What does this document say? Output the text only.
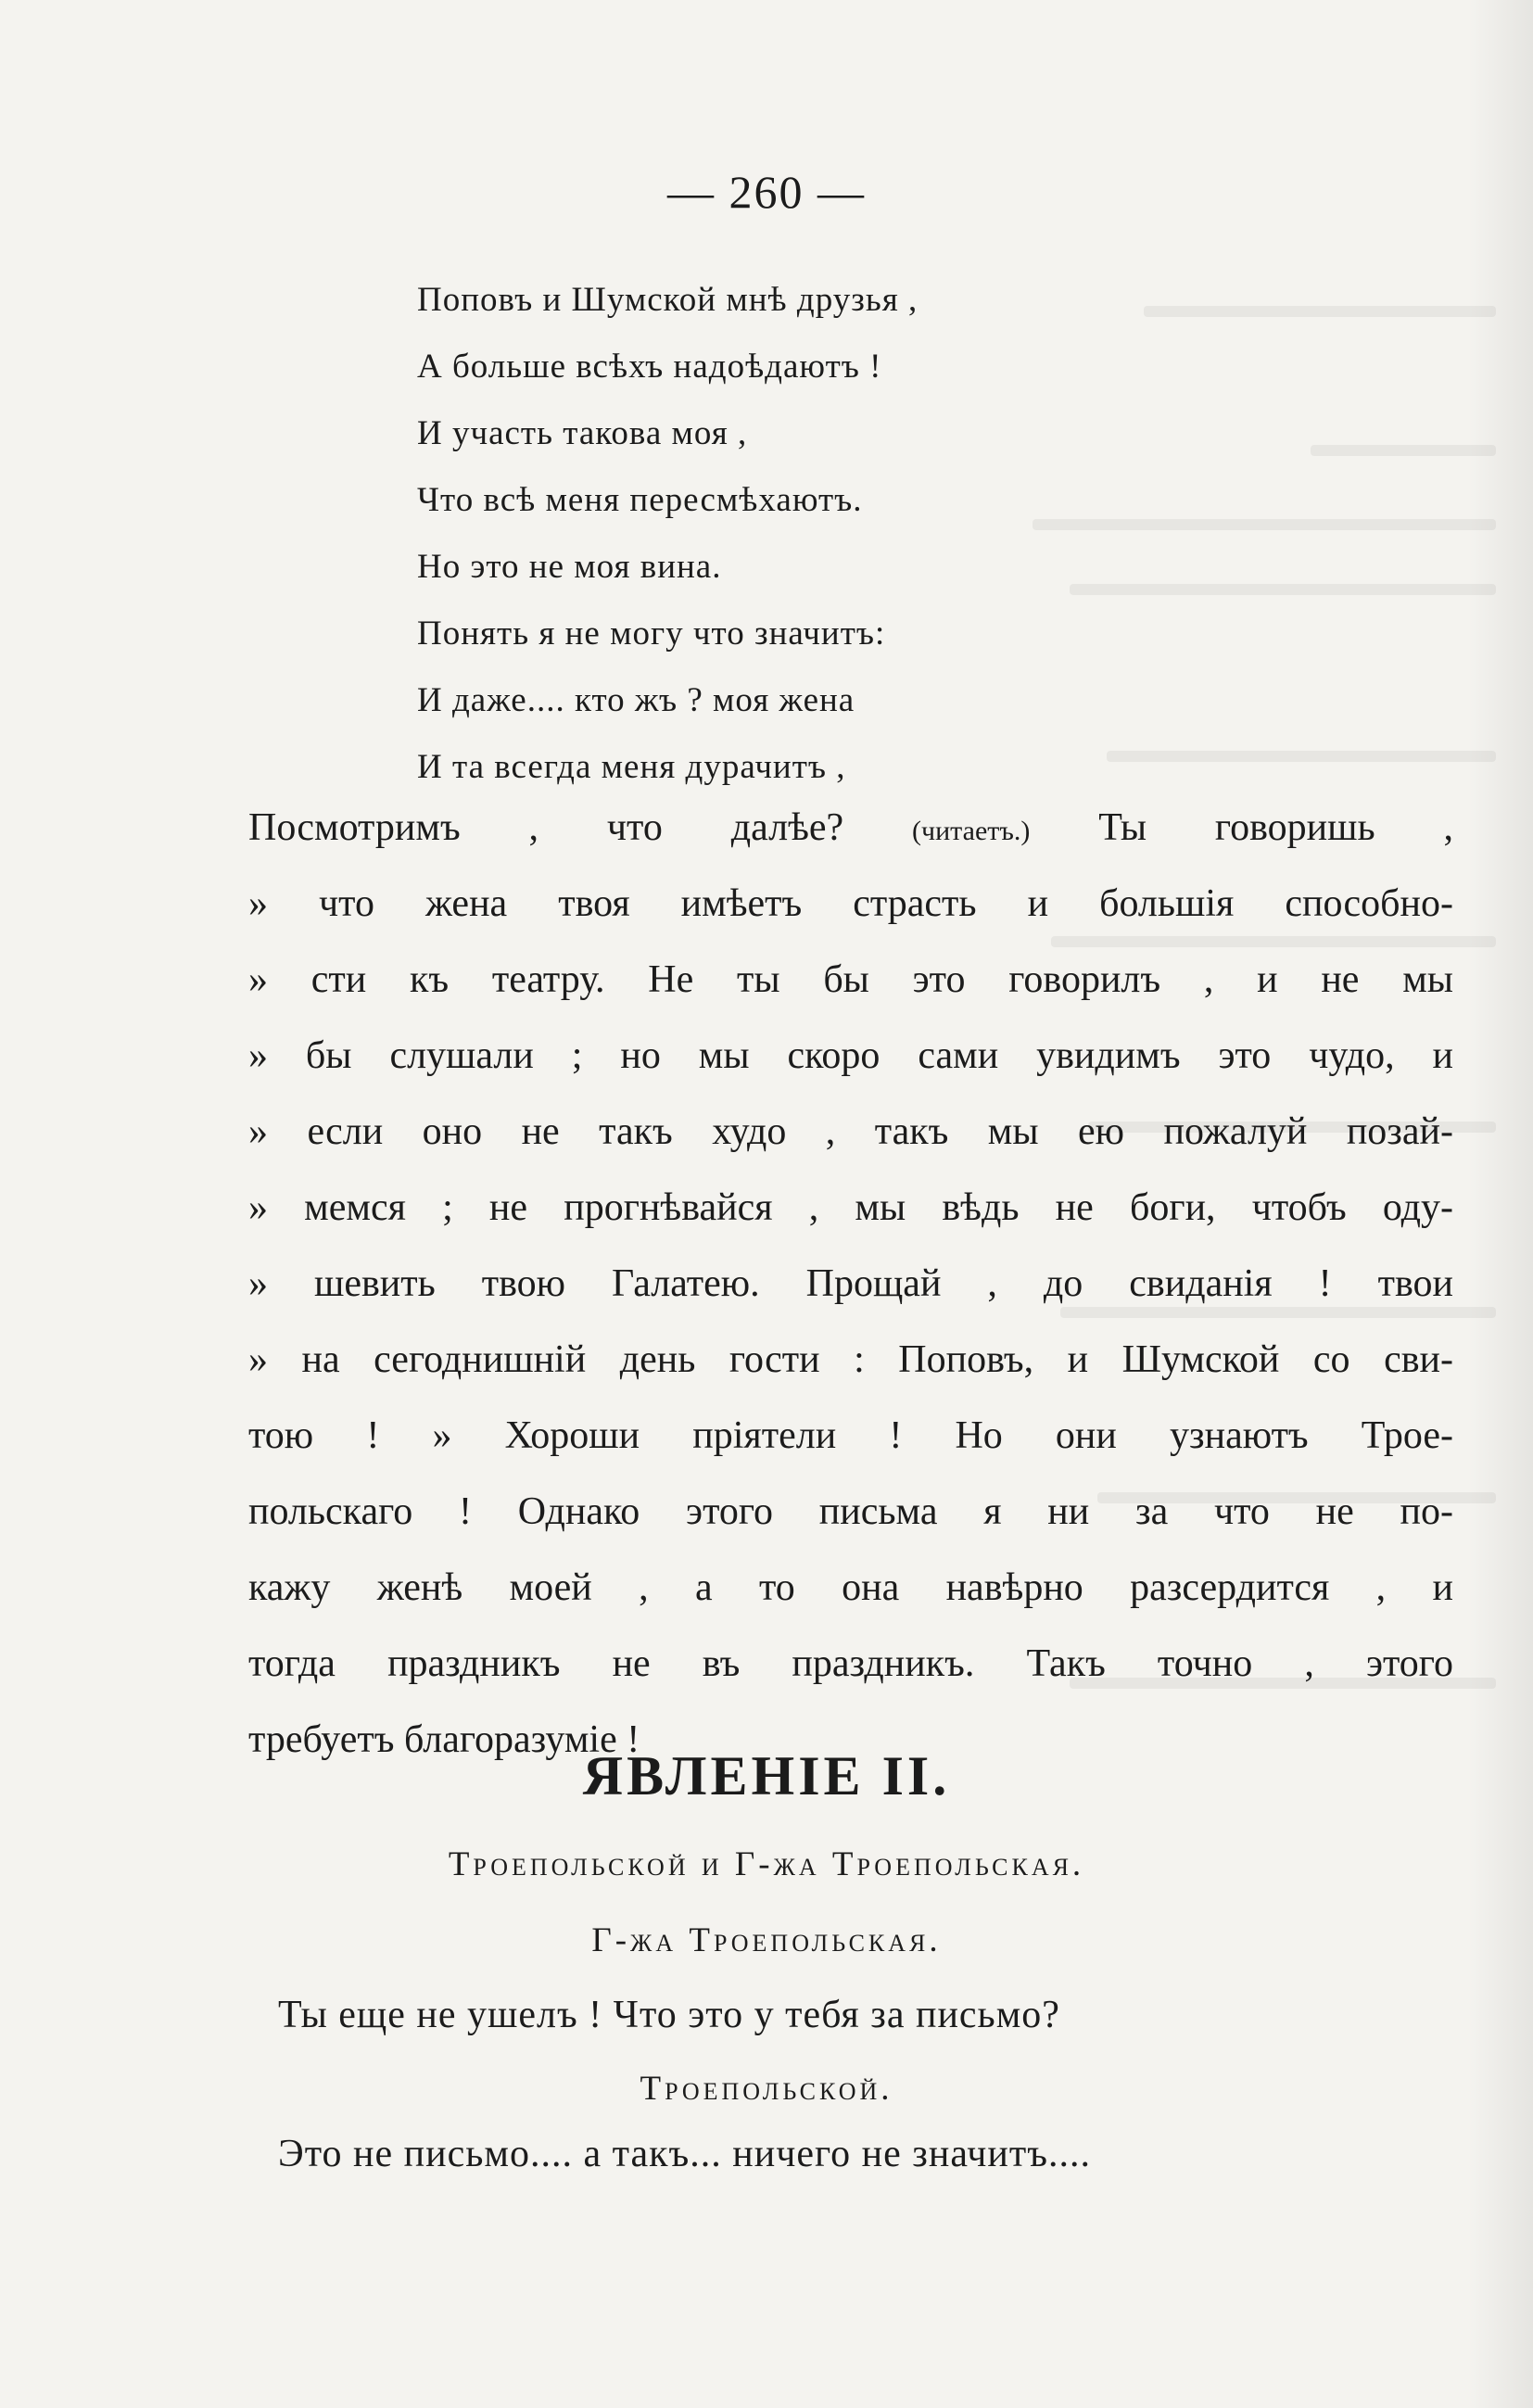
— 260 —
Поповъ и Шумской мнѣ друзья ,
А больше всѣхъ надоѣдаютъ !
И участь такова моя ,
Что всѣ меня пересмѣхаютъ.
Но это не моя вина.
Понять я не могу что значитъ:
И даже.... кто жъ ? моя жена
И та всегда меня дурачитъ ,
Посмотримъ , что далѣе? (читаетъ.) Ты говоришь ,
» что жена твоя имѣетъ страсть и большiя способно-
» сти къ театру. Не ты бы это говорилъ , и не мы
» бы слушали ; но мы скоро сами увидимъ это чудо, и
» если оно не такъ худо , такъ мы ею пожалуй позай-
» мемся ; не прогнѣвайся , мы вѣдь не боги, чтобъ оду-
» шевить твою Галатею. Прощай , до свиданiя ! твои
» на сегоднишнiй день гости : Поповъ, и Шумской со сви-
тою ! » Хороши прiятели ! Но они узнаютъ Трое-
польскаго ! Однако этого письма я ни за что не по-
кажу женѣ моей , а то она навѣрно разсердится , и
тогда праздникъ не въ праздникъ. Такъ точно , этого
требуетъ благоразумiе !
ЯВЛЕНIЕ II.
Троепольской и Г-жа Троепольская.
Г-жа Троепольская.
Ты еще не ушелъ ! Что это у тебя за письмо?
Троепольской.
Это не письмо.... а такъ... ничего не значитъ....
